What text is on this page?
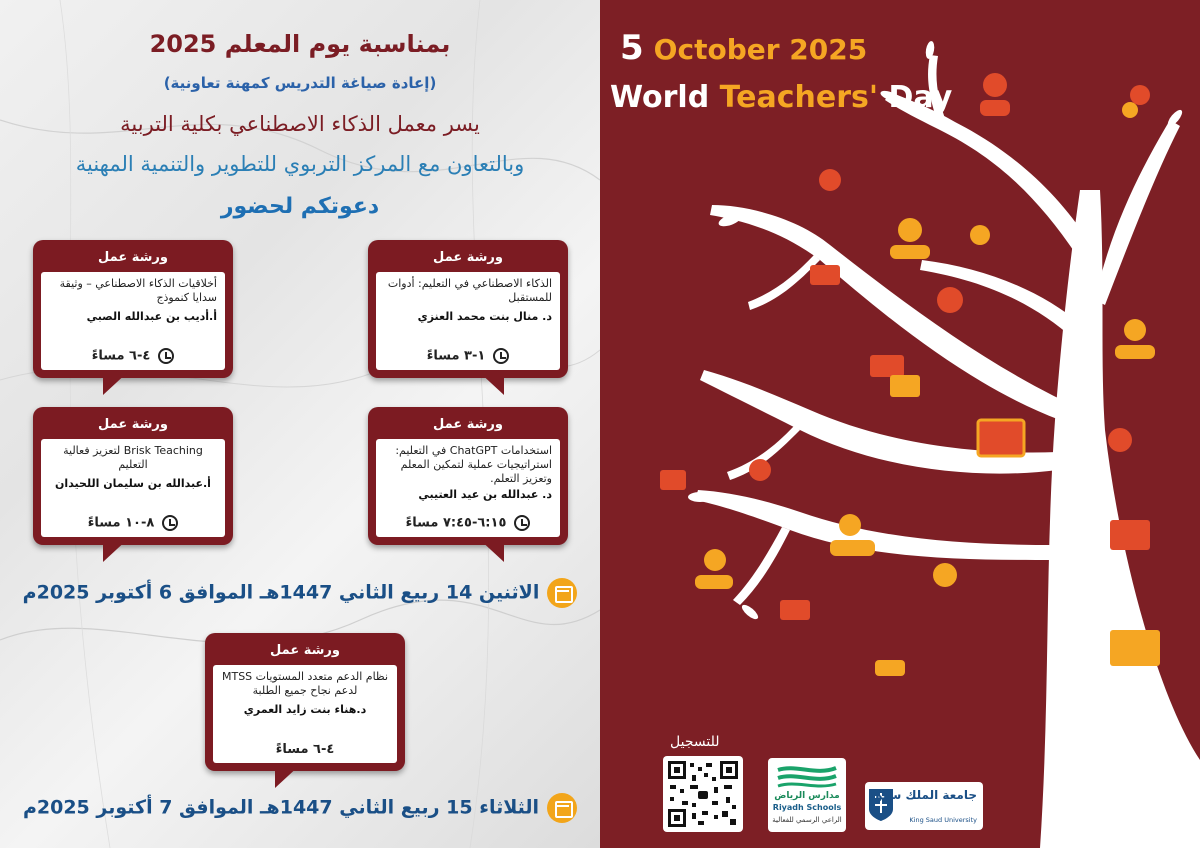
بمناسبة يوم المعلم 2025
(إعادة صياغة التدريس كمهنة تعاونية)
يسر معمل الذكاء الاصطناعي بكلية التربية
وبالتعاون مع المركز التربوي للتطوير والتنمية المهنية
دعوتكم لحضور
ورشة عمل
الذكاء الاصطناعي في التعليم: أدوات للمستقبل
د. منال بنت محمد العنزي
١-٣ مساءً
ورشة عمل
أخلاقيات الذكاء الاصطناعي – وثيقة سدايا كنموذج
أ.أديب بن عبدالله الصبي
٤-٦ مساءً
ورشة عمل
استخدامات ChatGPT في التعليم: استراتيجيات عملية لتمكين المعلم وتعزيز التعلم.
د. عبدالله بن عيد العتيبي
٦:١٥-٧:٤٥ مساءً
ورشة عمل
Brisk Teaching لتعزيز فعالية التعليم
أ.عبدالله بن سليمان اللحيدان
٨-١٠ مساءً
الاثنين 14 ربيع الثاني 1447هـ الموافق 6 أكتوبر 2025م
ورشة عمل
نظام الدعم متعدد المستويات MTSS لدعم نجاح جميع الطلبة
د.هناء بنت زايد العمري
٤-٦ مساءً
الثلاثاء 15 ربيع الثاني 1447هـ الموافق 7 أكتوبر 2025م
5 October 2025
World Teachers' Day
للتسجيل
مدارس الرياض
Riyadh Schools
الراعي الرسمي للفعالية
جامعة الملك سعود
King Saud University
